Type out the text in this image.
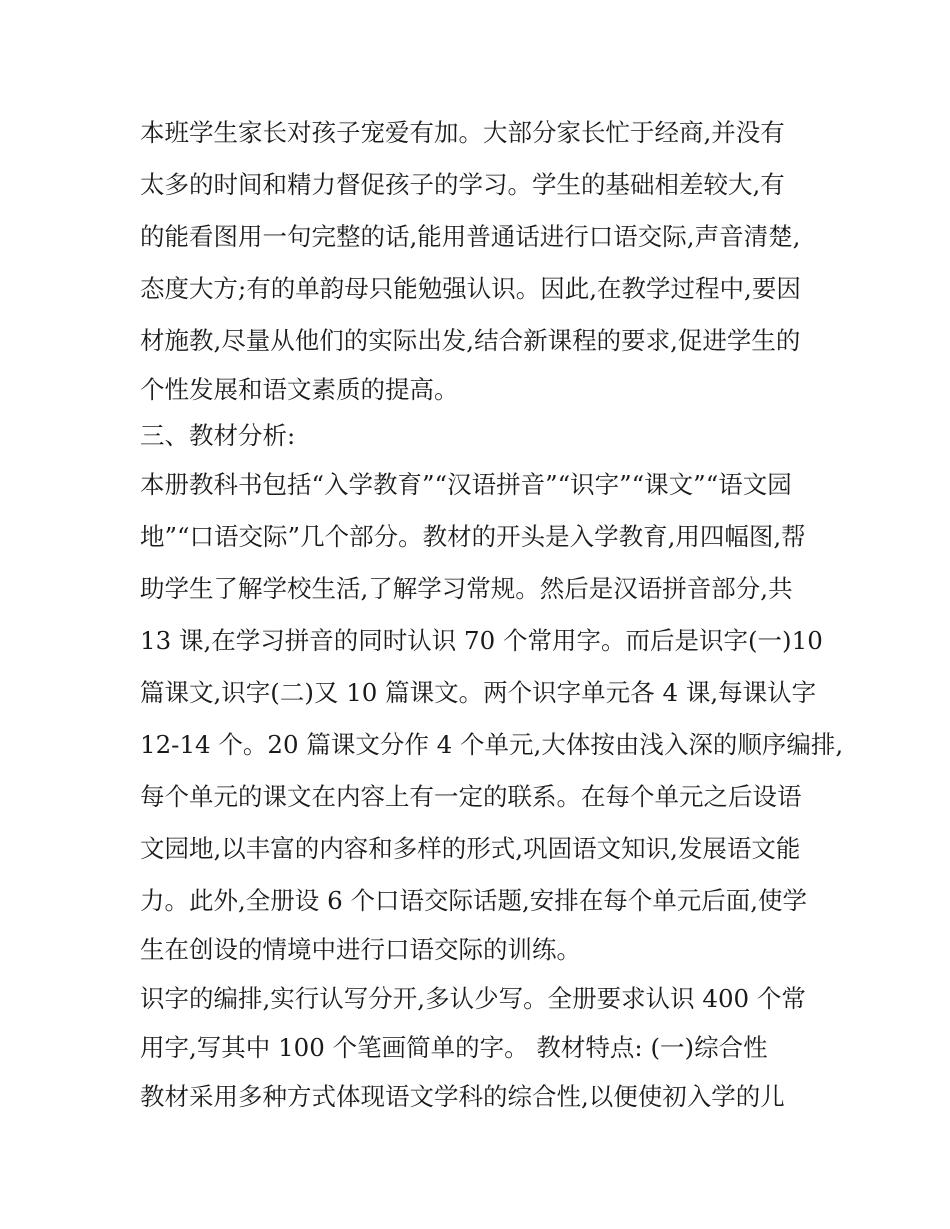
本班学生家长对孩子宠爱有加。大部分家长忙于经商,并没有
太多的时间和精力督促孩子的学习。学生的基础相差较大,有
的能看图用一句完整的话,能用普通话进行口语交际,声音清楚,
态度大方;有的单韵母只能勉强认识。因此,在教学过程中,要因
材施教,尽量从他们的实际出发,结合新课程的要求,促进学生的
个性发展和语文素质的提高。
三、教材分析:
本册教科书包括“入学教育”“汉语拼音”“识字”“课文”“语文园
地”“口语交际”几个部分。教材的开头是入学教育,用四幅图,帮
助学生了解学校生活,了解学习常规。然后是汉语拼音部分,共
13 课,在学习拼音的同时认识 70 个常用字。而后是识字(一)10
篇课文,识字(二)又 10 篇课文。两个识字单元各 4 课,每课认字
12-14 个。20 篇课文分作 4 个单元,大体按由浅入深的顺序编排,
每个单元的课文在内容上有一定的联系。在每个单元之后设语
文园地,以丰富的内容和多样的形式,巩固语文知识,发展语文能
力。此外,全册设 6 个口语交际话题,安排在每个单元后面,使学
生在创设的情境中进行口语交际的训练。
识字的编排,实行认写分开,多认少写。全册要求认识 400 个常
用字,写其中 100 个笔画简单的字。 教材特点: (一)综合性
教材采用多种方式体现语文学科的综合性,以便使初入学的儿
